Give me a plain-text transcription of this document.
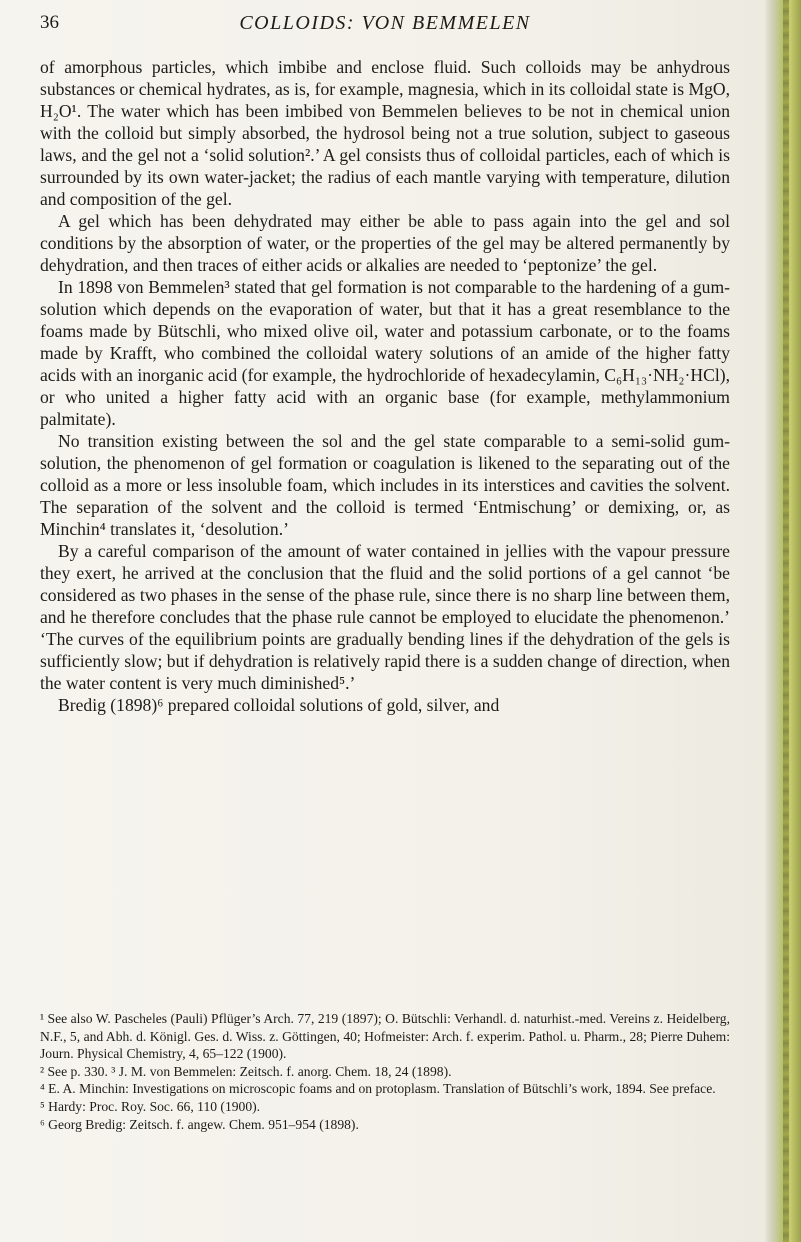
36	COLLOIDS: VON BEMMELEN

of amorphous particles, which imbibe and enclose fluid. Such colloids may be anhydrous substances or chemical hydrates, as is, for example, magnesia, which in its colloidal state is MgO, H₂O¹. The water which has been imbibed von Bemmelen believes to be not in chemical union with the colloid but simply absorbed, the hydrosol being not a true solution, subject to gaseous laws, and the gel not a ‘solid solution².’ A gel consists thus of colloidal particles, each of which is surrounded by its own water-jacket; the radius of each mantle varying with temperature, dilution and composition of the gel.

A gel which has been dehydrated may either be able to pass again into the gel and sol conditions by the absorption of water, or the properties of the gel may be altered permanently by dehydration, and then traces of either acids or alkalies are needed to ‘peptonize’ the gel.

In 1898 von Bemmelen³ stated that gel formation is not comparable to the hardening of a gum-solution which depends on the evaporation of water, but that it has a great resemblance to the foams made by Bütschli, who mixed olive oil, water and potassium carbonate, or to the foams made by Krafft, who combined the colloidal watery solutions of an amide of the higher fatty acids with an inorganic acid (for example, the hydrochloride of hexadecylamin, C₆H₁₃·NH₂·HCl), or who united a higher fatty acid with an organic base (for example, methylammonium palmitate).

No transition existing between the sol and the gel state comparable to a semi-solid gum-solution, the phenomenon of gel formation or coagulation is likened to the separating out of the colloid as a more or less insoluble foam, which includes in its interstices and cavities the solvent. The separation of the solvent and the colloid is termed ‘Entmischung’ or demixing, or, as Minchin⁴ translates it, ‘desolution.’

By a careful comparison of the amount of water contained in jellies with the vapour pressure they exert, he arrived at the conclusion that the fluid and the solid portions of a gel cannot ‘be considered as two phases in the sense of the phase rule, since there is no sharp line between them, and he therefore concludes that the phase rule cannot be employed to elucidate the phenomenon.’ ‘The curves of the equilibrium points are gradually bending lines if the dehydration of the gels is sufficiently slow; but if dehydration is relatively rapid there is a sudden change of direction, when the water content is very much diminished⁵.’

Bredig (1898)⁶ prepared colloidal solutions of gold, silver, and

¹ See also W. Pascheles (Pauli) Pflüger’s Arch. 77, 219 (1897); O. Bütschli: Verhandl. d. naturhist.-med. Vereins z. Heidelberg, N.F., 5, and Abh. d. Königl. Ges. d. Wiss. z. Göttingen, 40; Hofmeister: Arch. f. experim. Pathol. u. Pharm., 28; Pierre Duhem: Journ. Physical Chemistry, 4, 65–122 (1900).

² See p. 330. ³ J. M. von Bemmelen: Zeitsch. f. anorg. Chem. 18, 24 (1898).

⁴ E. A. Minchin: Investigations on microscopic foams and on protoplasm. Translation of Bütschli’s work, 1894. See preface.

⁵ Hardy: Proc. Roy. Soc. 66, 110 (1900).

⁶ Georg Bredig: Zeitsch. f. angew. Chem. 951–954 (1898).
